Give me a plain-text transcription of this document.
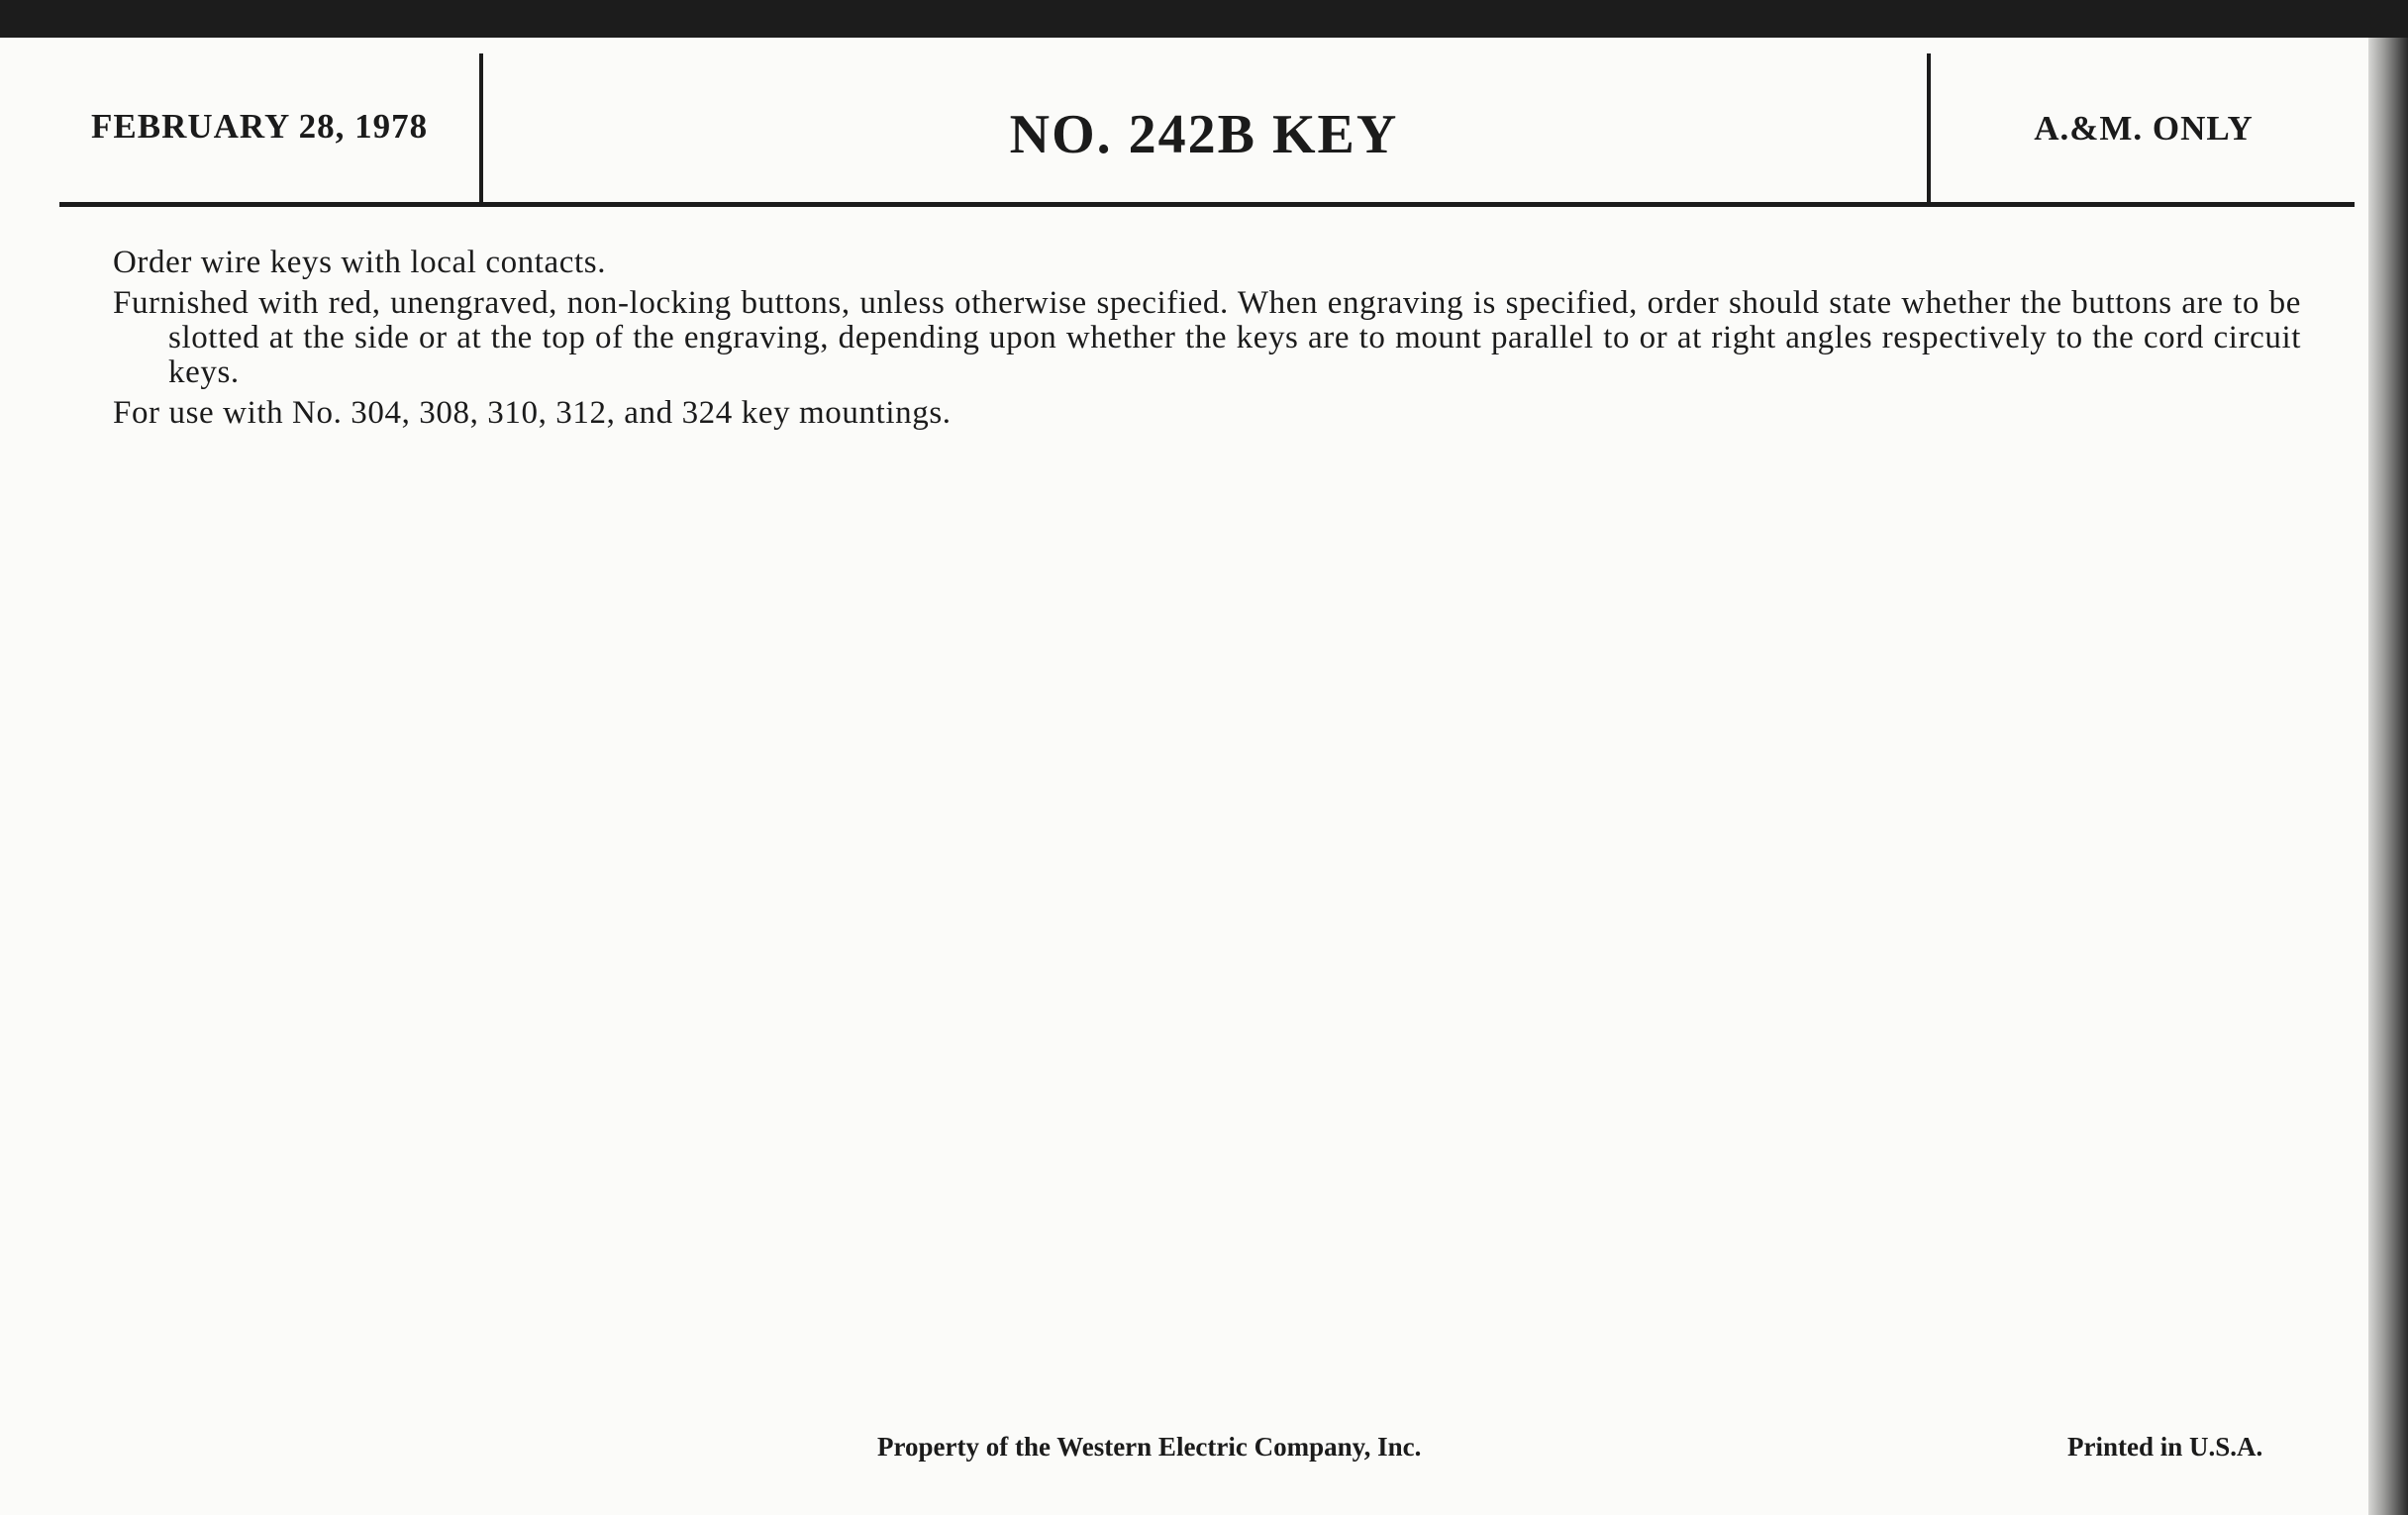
FEBRUARY 28, 1978	NO. 242B KEY	A.&M. ONLY

Order wire keys with local contacts.

Furnished with red, unengraved, non-locking buttons, unless otherwise specified. When engraving is specified, order should state whether the buttons are to be slotted at the side or at the top of the engraving, depending upon whether the keys are to mount parallel to or at right angles respectively to the cord circuit keys.

For use with No. 304, 308, 310, 312, and 324 key mountings.

Property of the Western Electric Company, Inc.	Printed in U.S.A.
